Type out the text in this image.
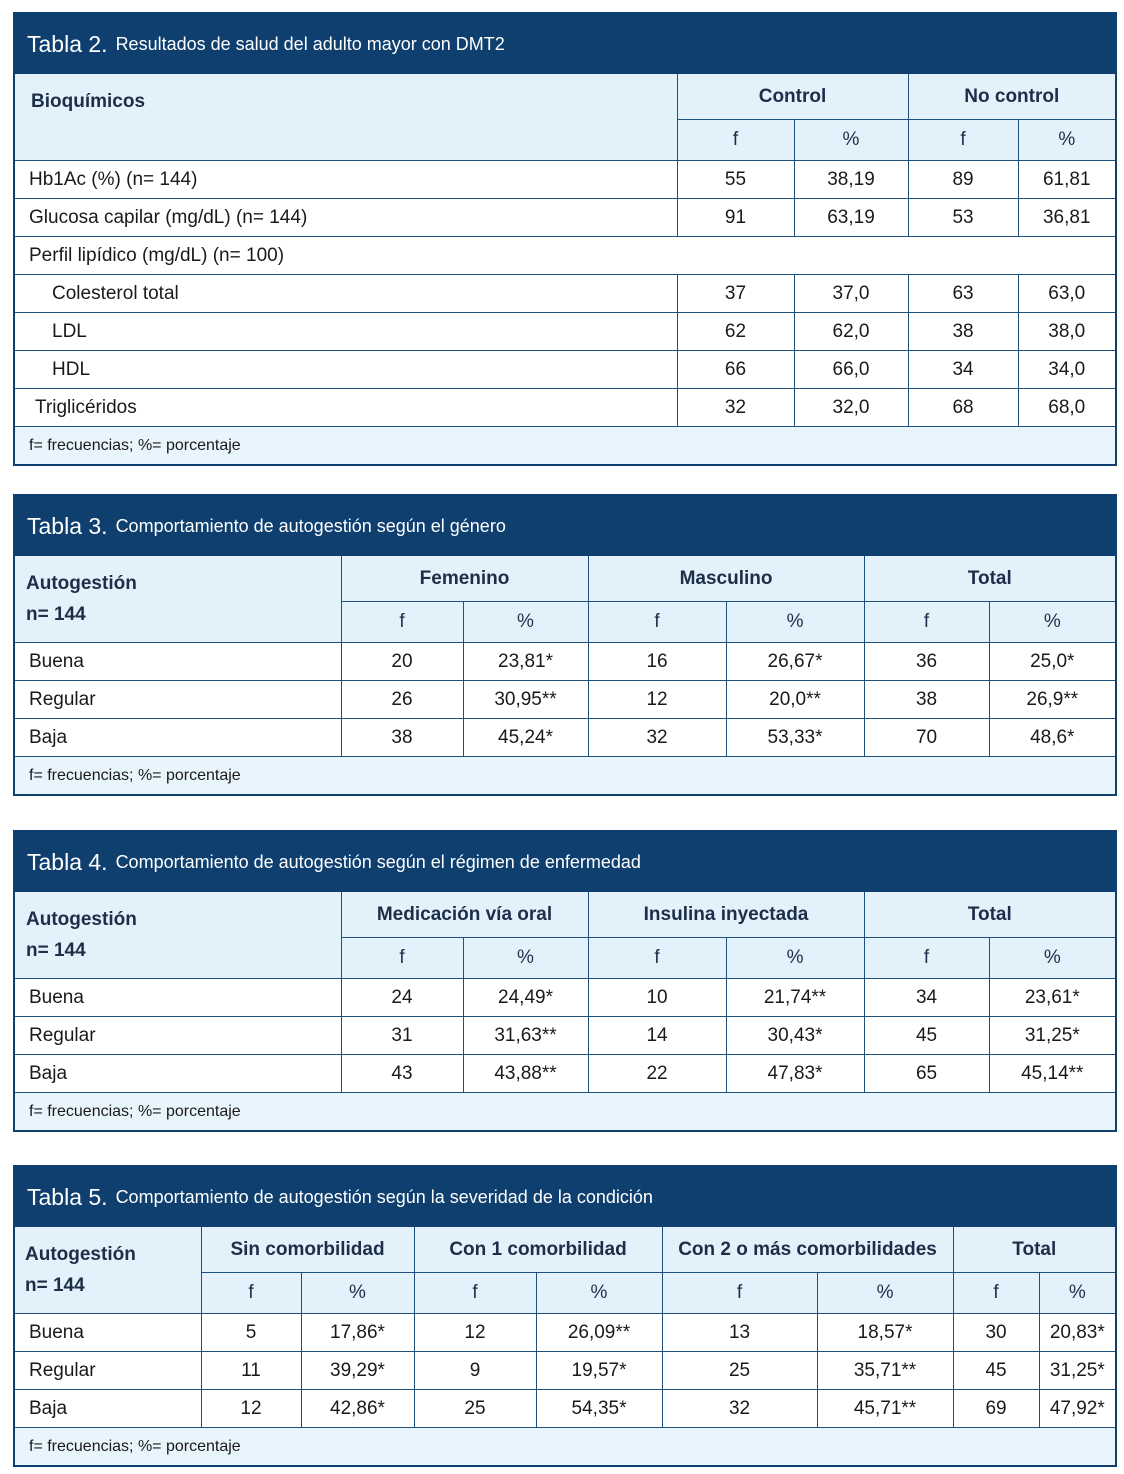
Tabla 2. Resultados de salud del adulto mayor con DMT2
Bioquímicos	Control		No control	
	f	%	f	%
Hb1Ac (%) (n= 144)	55	38,19	89	61,81
Glucosa capilar (mg/dL) (n= 144)	91	63,19	53	36,81
Perfil lipídico (mg/dL) (n= 100)				
Colesterol total	37	37,0	63	63,0
LDL	62	62,0	38	38,0
HDL	66	66,0	34	34,0
Triglicéridos	32	32,0	68	68,0
f= frecuencias; %= porcentaje
Tabla 3. Comportamiento de autogestión según el género
Autogestión
n= 144	Femenino		Masculino		Total	
	f	%	f	%	f	%
Buena	20	23,81*	16	26,67*	36	25,0*
Regular	26	30,95**	12	20,0**	38	26,9**
Baja	38	45,24*	32	53,33*	70	48,6*
f= frecuencias; %= porcentaje
Tabla 4. Comportamiento de autogestión según el régimen de enfermedad
Autogestión
n= 144	Medicación vía oral		Insulina inyectada		Total	
	f	%	f	%	f	%
Buena	24	24,49*	10	21,74**	34	23,61*
Regular	31	31,63**	14	30,43*	45	31,25*
Baja	43	43,88**	22	47,83*	65	45,14**
f= frecuencias; %= porcentaje
Tabla 5. Comportamiento de autogestión según la severidad de la condición
Autogestión
n= 144	Sin comorbilidad		Con 1 comorbilidad		Con 2 o más comorbilidades		Total	
	f	%	f	%	f	%	f	%
Buena	5	17,86*	12	26,09**	13	18,57*	30	20,83*
Regular	11	39,29*	9	19,57*	25	35,71**	45	31,25*
Baja	12	42,86*	25	54,35*	32	45,71**	69	47,92*
f= frecuencias; %= porcentaje
